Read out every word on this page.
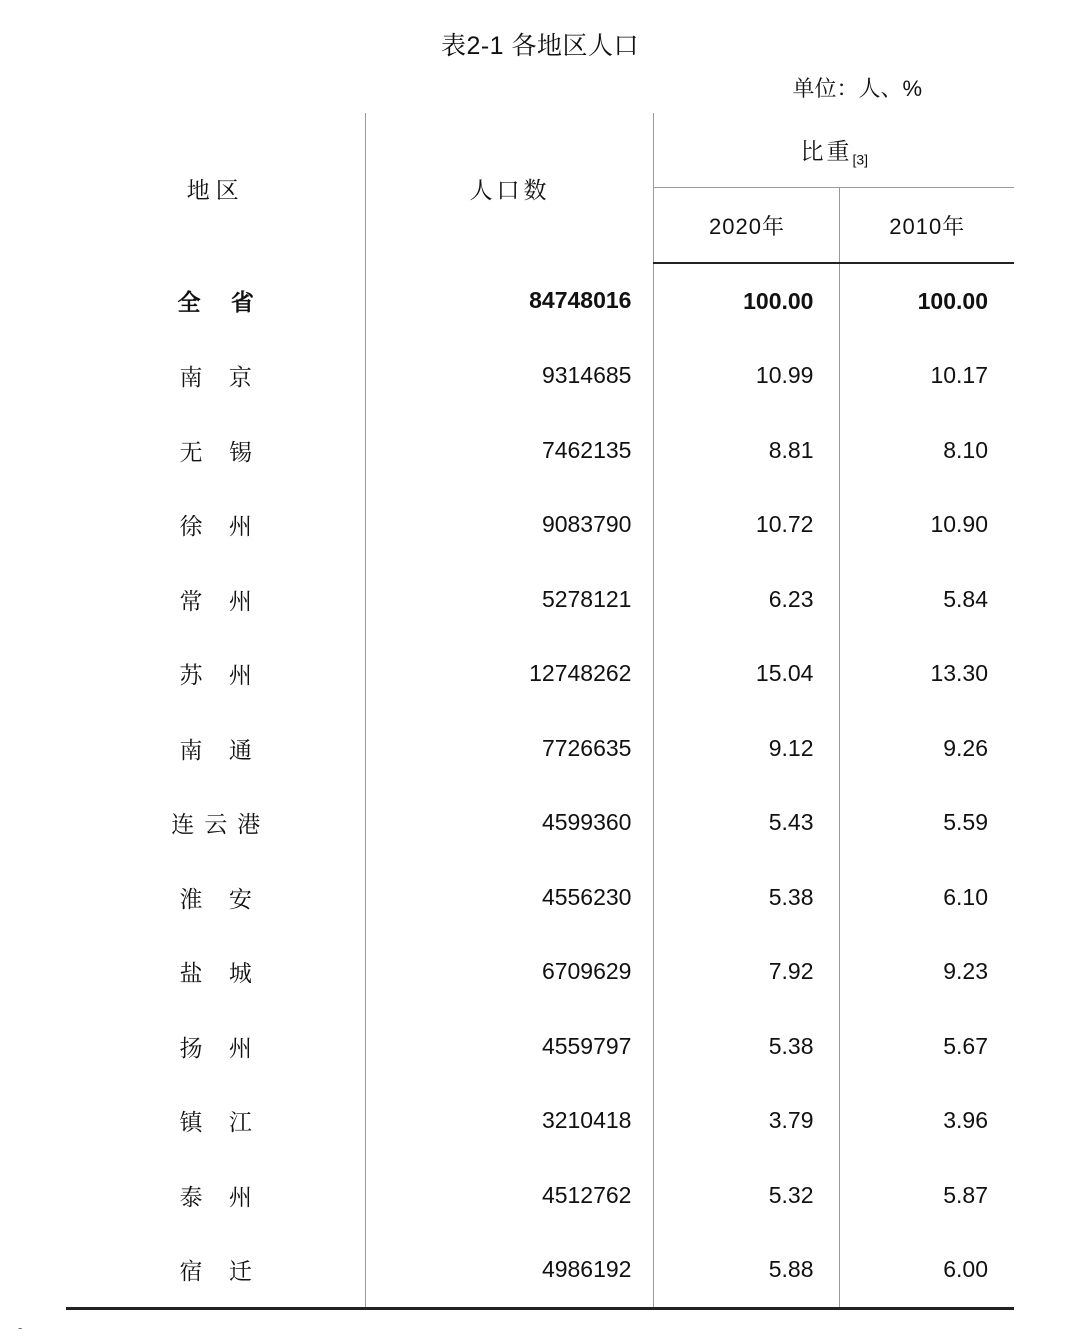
表2-1 各地区人口
单位：人、%
地区	人口数	比重$_{[3]}$
		2020年	2010年
全 省	84748016	100.00	100.00
南 京	9314685	10.99	10.17
无 锡	7462135	8.81	8.10
徐 州	9083790	10.72	10.90
常 州	5278121	6.23	5.84
苏 州	12748262	15.04	13.30
南 通	7726635	9.12	9.26
连云港	4599360	5.43	5.59
淮 安	4556230	5.38	6.10
盐 城	6709629	7.92	9.23
扬 州	4559797	5.38	5.67
镇 江	3210418	3.79	3.96
泰 州	4512762	5.32	5.87
宿 迁	4986192	5.88	6.00
-
